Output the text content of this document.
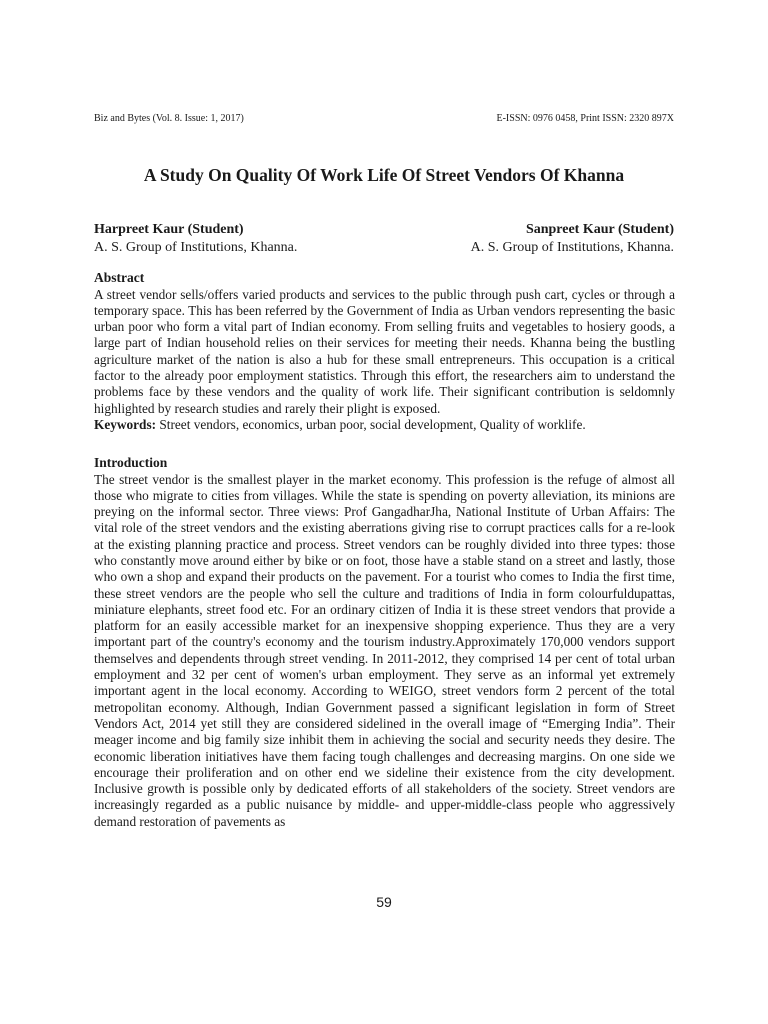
Biz and Bytes (Vol. 8. Issue: 1, 2017)	E-ISSN: 0976 0458, Print ISSN: 2320 897X
A Study On Quality Of Work Life Of Street Vendors Of Khanna
Harpreet Kaur (Student)
A. S. Group of Institutions, Khanna.
Sanpreet Kaur (Student)
A. S. Group of Institutions, Khanna.
Abstract

A street vendor sells/offers varied products and services to the public through push cart, cycles or through a temporary space. This has been referred by the Government of India as Urban vendors representing the basic urban poor who form a vital part of Indian economy. From selling fruits and vegetables to hosiery goods, a large part of Indian household relies on their services for meeting their needs. Khanna being the bustling agriculture market of the nation is also a hub for these small entrepreneurs. This occupation is a critical factor to the already poor employment statistics. Through this effort, the researchers aim to understand the problems face by these vendors and the quality of work life. Their significant contribution is seldomnly highlighted by research studies and rarely their plight is exposed.

Keywords: Street vendors, economics, urban poor, social development, Quality of worklife.

Introduction

The street vendor is the smallest player in the market economy. This profession is the refuge of almost all those who migrate to cities from villages. While the state is spending on poverty alleviation, its minions are preying on the informal sector. Three views: Prof GangadharJha, National Institute of Urban Affairs: The vital role of the street vendors and the existing aberrations giving rise to corrupt practices calls for a re-look at the existing planning practice and process. Street vendors can be roughly divided into three types: those who constantly move around either by bike or on foot, those have a stable stand on a street and lastly, those who own a shop and expand their products on the pavement. For a tourist who comes to India the first time, these street vendors are the people who sell the culture and traditions of India in form colourfuldupattas, miniature elephants, street food etc. For an ordinary citizen of India it is these street vendors that provide a platform for an easily accessible market for an inexpensive shopping experience. Thus they are a very important part of the country's economy and the tourism industry.Approximately 170,000 vendors support themselves and dependents through street vending. In 2011-2012, they comprised 14 per cent of total urban employment and 32 per cent of women's urban employment. They serve as an informal yet extremely important agent in the local economy. According to WEIGO, street vendors form 2 percent of the total metropolitan economy. Although, Indian Government passed a significant legislation in form of Street Vendors Act, 2014 yet still they are considered sidelined in the overall image of “Emerging India”. Their meager income and big family size inhibit them in achieving the social and security needs they desire. The economic liberation initiatives have them facing tough challenges and decreasing margins. On one side we encourage their proliferation and on other end we sideline their existence from the city development. Inclusive growth is possible only by dedicated efforts of all stakeholders of the society. Street vendors are increasingly regarded as a public nuisance by middle- and upper-middle-class people who aggressively demand restoration of pavements as

59
